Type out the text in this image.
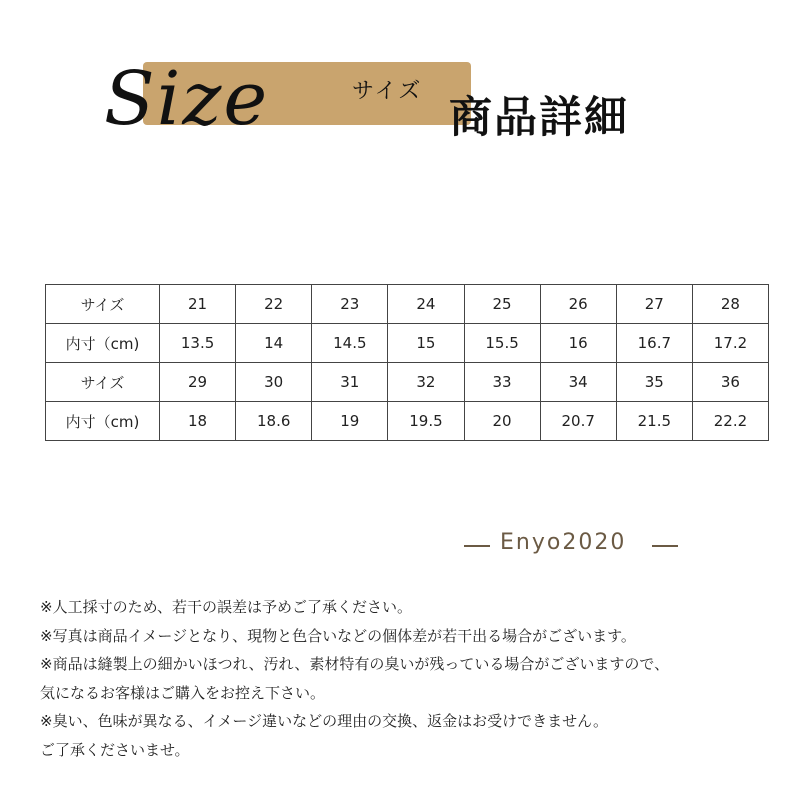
Size	サイズ
商品詳細
サイズ	21	22	23	24	25	26	27	28
内寸（cm)	13.5	14	14.5	15	15.5	16	16.7	17.2
サイズ	29	30	31	32	33	34	35	36
内寸（cm)	18	18.6	19	19.5	20	20.7	21.5	22.2
Enyo2020

※人工採寸のため、若干の誤差は予めご了承ください。

※写真は商品イメージとなり、現物と色合いなどの個体差が若干出る場合がございます。

※商品は縫製上の細かいほつれ、汚れ、素材特有の臭いが残っている場合がございますので、

気になるお客様はご購入をお控え下さい。

※臭い、色味が異なる、イメージ違いなどの理由の交換、返金はお受けできません。

ご了承くださいませ。
